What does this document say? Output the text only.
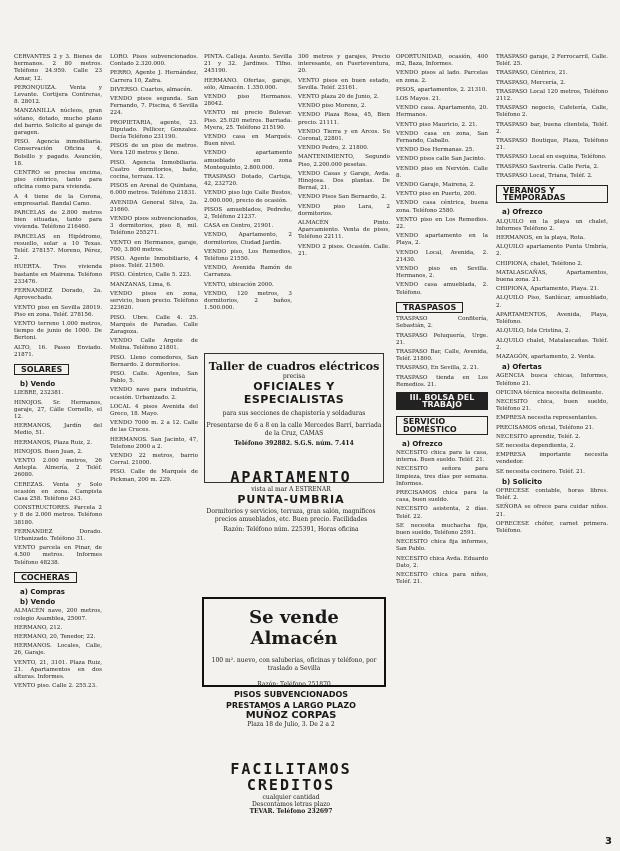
CERVANTES 2 y 3. Bienes de hermanos. 2 80 metros. Teléfono 24.959. Calle 23 Aznar, 12.

PERONQUIZA. Venta y Levante. Cortijera Contreras, 8. 28012.

MANZANILLA núcleos, gran sótano, dotado, mucho plano del barrio. Solicito al garaje de garagen.

PISO. Agencia inmobiliaria. Conservación Oficina 4, Bolsillo y pagado. Asunción, 18.

CENTRO se precisa encima, piso céntrico, tanto para oficina como para vivienda.

A 4 tiene de la Corona, empresarial. Bandal Camo.

PARCELAS de 2.800 metros bien situadas, tanto para vivienda. Teléfono 216460.

PARCELAS en Hipódromo, resuello, solar a 10 Texas. Teléf. 278157. Moreno, Pérez, 2.

HUERTA. Tres vivienda bastante en Mairena. Teléfono 233476.

FERNANDEZ Dorado, 2a. Aprovechado.

VENTO piso en Sevilla 28019. Piso en zona. Teléf. 278156.

VENTO terreno 1.000 metros, tiempo de junio de 1000. De Bertoni.

ALTO, 16. Paseo Enviado. 21871.

SOLARES
b) Vendo

LIEBRE, 232381.

HINOJOS. Sr. Hermanos, garaje, 27, Cálle Cornello, el 12.

HERMANOS, Jardín del Medio, 51.

HERMANOS, Plaza Ruiz, 2.

HINOJOS. Buen Juan, 2.

VENTO 2.000 metros, 26 Antepla. Almería, 2 Teléf. 26080.

CEREZAS. Venta y Solo ocasión en zona. Campista Casa 258. Teléfono 243.

CONSTRUCTORES. Parcela 2 y 8 de 2.000 metros. Teléfono 38180.

FERNANDEZ Dorado. Urbanizado. Teléfono 31.

VENTO parcela en Pinar, de 4.500 metros. Informes Teléfono 48238.

COCHERAS
a) Compras
b) Vendo

ALMACÉN nave, 200 metros, colegio Asamblea, 25007.

HERMANO, 212.

HERMANO, 20, Tenedor, 22.

HERMANOS. Locales, Calle, 26, Garaje.

VENTO, 21, 3101. Plaza Ruiz, 21. Apartamentos en dos alturas. Informes.

VENTO piso. Calle 2. 255.23.

LORO. Pisos subvencionados. Contado 2.320.000.

PERRO, Agente J. Hernández, Carrera 10, Zafra.

DIVERSO. Cuartos, almacén.

VENDO pisos segunda. San Fernando, 7. Piscina, 6 Sevilla 224.

PROPIETARIA, agente, 23. Diputado. Pellicer, Gonzalez. Decía Teléfono 231190.

PISOS de un piso de metros. Vera 120 metros y lleno.

PISO. Agencia Inmobiliaria. Cuatro dormitorios, baño, cocina, terraza. 12.

PISOS en Arenal de Quintana, 6.000 metros. Teléfono 21831.

AVENIDA General Silva, 2a. 21660.

VENDO pisos subvencionados, 3 dormitorios, piso 8, mil. Teléfono 255271.

VENTO en Hermanos, garaje, 700, 3.800 metros.

PISO. Agente Inmobiliario, 4 pisos. Teléf. 21560.

PISO. Céntrico, Calle 5. 223.

MANZANAS, Lima, 6.

VENDO pisos en zona, servicio, buen precio. Teléfono 223620.

PISO. Ubre. Calle 4. 25. Marqués de Paradas. Calle Zaragoza.

VENDO Calle Argote de Molina. Teléfono 21801.

PISO. Lleno comedores, San Bernardo. 2 dormitorios.

PISO. Calle. Agentes, San Pablo, 5.

VENDO nave para industria, ocasión. Urbanizado. 2.

LOCAL 4 pisos Avenida del Greco, 18. Mayo.

VENDO 7000 m. 2 a 12. Calle de las Cruces.

HERMANOS. San Jacinto, 47, Telefono 2000 a 2.

VENDO 22 metros, barrio Corral. 21000.

PISO. Calle de Marqués de Pickman, 200 m. 229.

PINTA. Calleja. Asunto. Sevilla 21 y 32. Jardines. Tlfno. 245190.

HERMANO. Ofertas, garaje, sólo, Almacén. 1.350.000.

VENDO piso Hermanos. 28042.

VENTO mi precio Bulevar. Piso. 25.020 metros. Barriada. Myera, 25. Teléfono 215190.

VENDO casa en Marqués. Buen nivel.

VENDO apartamento amueblado en zona Montequinto, 2.800.000.

TRASPASO Dotado, Cartuja, 42, 232720.

VENDO piso lujo Calle Bustos, 2.000.000, precio de ocasión.

PISOS amueblados, Pedreño, 2, Teléfono 21237.

CASA en Centro, 21901.

VENDO, Apartamento, 2 dormitorios, Ciudad Jardín.

VENDO piso, Los Remedios, Teléfono 21550.

VENDO, Avenida Ramón de Carranza.

VENTO, ubicación 2000.

VENDO, 120 metros, 3 dormitorios, 2 baños, 1.500.000.

300 metros y garajes, Precio interesante, en Fuerteventura, 20.

VENTO pisos en buen estado, Sevilla. Teléf. 23161.

VENTO plaza 20 de Junio, 2.

VENDO piso Moreno, 2.

VENDO Plaza Rosa, 45, Bien precio. 21111.

VENDO Tierra y en Arcos. Su Coronal, 22801.

VENDO Pedro, 2. 21800.

MANTENIMIENTO, Segundo Piso, 2.200.000 pesetas.

VENDO Casas y Garaje, Avda. Hinojosa. Dos plantas. De Bernal, 21.

VENDO Pisos San Bernardo, 2.

VENDO piso Lara, 2 dormitorios.

ALMACÉN Pinto. Aparcamiento. Venta de pisos, Teléfono 22111.

VENDO 2 pisos. Ocasión. Calle. 21.

OPORTUNIDAD, ocasión, 400 m2, Baza, Informes.

VENDO pisos al lado. Parcelas en zona. 2.

PISOS, apartamentos, 2. 21310.

LOS Mayos. 21.

VENDO casa. Apartamento, 20. Hermanos.

VENTO piso Mauricio, 2. 21.

VENDO casa en zona, San Fernando, Caballo.

VENDO Dos Hermanas. 25.

VENDO pisos calle San Jacinto.

VENDO piso en Nervión. Calle 8.

VENDO Garaje, Mairena, 2.

VENTO piso en Puerto, 200.

VENDO casa céntrica, buena zona. Teléfono 2580.

VENTO piso en Los Remedios. 22.

VENDO apartamento en la Playa, 2.

VENDO Local, Avenida, 2. 21430.

VENDO piso en Sevilla. Hermanos, 2.

VENDO casa amueblada, 2. Teléfono.

TRASPASOS

TRASPASO Confitería, Sebastián, 2.

TRASPASO Peluquería, Urge. 21.

TRASPASO Bar, Calle, Avenida, Teléf. 21800.

TRASPASO, En Sevilla, 2. 21.

TRASPASO tienda en Los Remedios. 21.

III. BOLSA DEL TRABAJO
SERVICIO DOMÉSTICO
a) Ofrezco

NECESITO chica para la casa, interna. Buen sueldo. Teléf. 21.

NECESITO señora para limpieza, tres días por semana. Informes.

PRECISAMOS chica para la casa, buen sueldo.

NECESITO asistenta, 2 días. Teléf. 22.

SE necesita muchacha fija, buen sueldo, Teléfono 2591.

NECESITO chica fija informes, San Pablo.

NECESITO chica Avda. Eduardo Dato, 2.

NECESITO chica para niños, Teléf. 21.

TRASPASO garaje, 2 Ferrocarril, Calle. Teléf. 25.

TRASPASO, Céntrico, 21.

TRASPASO, Mercería, 2.

TRASPASO Local 120 metros, Teléfono 2112.

TRASPASO negocio, Cafetería, Calle, Teléfono 2.

TRASPASO bar, buena clientela, Teléf. 2.

TRASPASO Boutique, Plaza, Teléfono 21.

TRASPASO Local en esquina, Teléfono.

TRASPASO Sastrería. Calle Feria, 2.

TRASPASO Local, Triana, Teléf. 2.

VERANOS Y TEMPORADAS
a) Ofrezco

ALQUILO en la playa un chalet, Informes Teléfono 2.

HERMANOS, en la playa, Rota.

ALQUILO apartamento Punta Umbría, 2.

CHIPIONA, chalet, Teléfono 2.

MATALASCAÑAS, Apartamentos, buena zona. 21.

CHIPIONA, Apartamento, Playa. 21.

ALQUILO Piso, Sanlúcar, amueblado, 2.

APARTAMENTOS, Avenida, Playa, Teléfono.

ALQUILO, Isla Cristina, 2.

ALQUILO chalet, Matalascañas. Teléf. 2.

MAZAGÓN, apartamento, 2. Venta.

a) Ofertas

AGENCIA busca chicas, Informes, Teléfono 21.

OFICINA técnica necesita delineante.

NECESITO chica, buen sueldo, Teléfono 21.

EMPRESA necesita representantes.

PRECISAMOS oficial, Teléfono 21.

NECESITO aprendiz, Teléf. 2.

SE necesita dependienta, 2.

EMPRESA importante necesita vendedor.

SE necesita cocinero. Teléf. 21.

b) Solicito

OFRECESE contable, horas libres. Teléf. 2.

SEÑORA se ofrece para cuidar niños. 21.

OFRECESE chófer, carnet primera. Teléfono.

Taller de cuadros eléctricos
precisa
OFICIALES Y ESPECIALISTAS
para sus secciones de chapistería y soldaduras
Presentarse de 6 a 8 en la calle Mercedes Barrí, barriada de la Cruz, CAMAS
Teléfono 392882. S.G.S. núm. 7.414
APARTAMENTO
vista al mar A ESTRENAR
PUNTA-UMBRIA
Dormitorios y servicios, terraza, gran salón, magníficos precios amueblados, etc. Buen precio. Facilidades
Razón: Teléfono núm. 225391, Horas oficina
Se vende Almacén
100 m². nuevo, con saluberias, oficinas y teléfono, por traslado a Sevilla
Razón: Teléfono 251870
PISOS SUBVENCIONADOS
PRESTAMOS A LARGO PLAZO
MUÑOZ CORPAS
Plaza 18 de Julio, 3. De 2 a 2
FACILITAMOS
CREDITOS
cualquier cantidad
Descontamos letras plazo
TEVAR. Teléfono 232697
3
